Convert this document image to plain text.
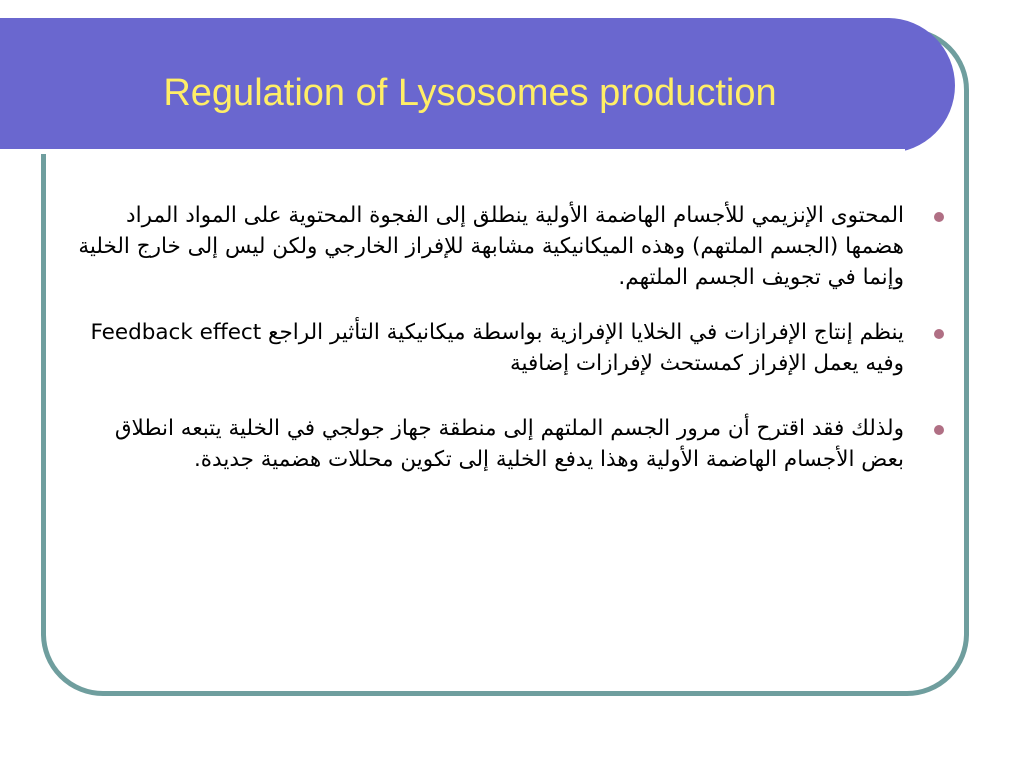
Regulation of Lysosomes production
المحتوى الإنزيمي للأجسام الهاضمة الأولية ينطلق إلى الفجوة المحتوية على المواد المراد هضمها (الجسم الملتهم) وهذه الميكانيكية مشابهة للإفراز الخارجي ولكن ليس إلى خارج الخلية وإنما في تجويف الجسم الملتهم.
ينظم إنتاج الإفرازات في الخلايا الإفرازية بواسطة ميكانيكية التأثير الراجع Feedback effect وفيه يعمل الإفراز كمستحث لإفرازات إضافية
ولذلك فقد اقترح أن مرور الجسم الملتهم إلى منطقة جهاز جولجي في الخلية يتبعه انطلاق بعض الأجسام الهاضمة الأولية وهذا يدفع الخلية إلى تكوين محللات هضمية جديدة.
